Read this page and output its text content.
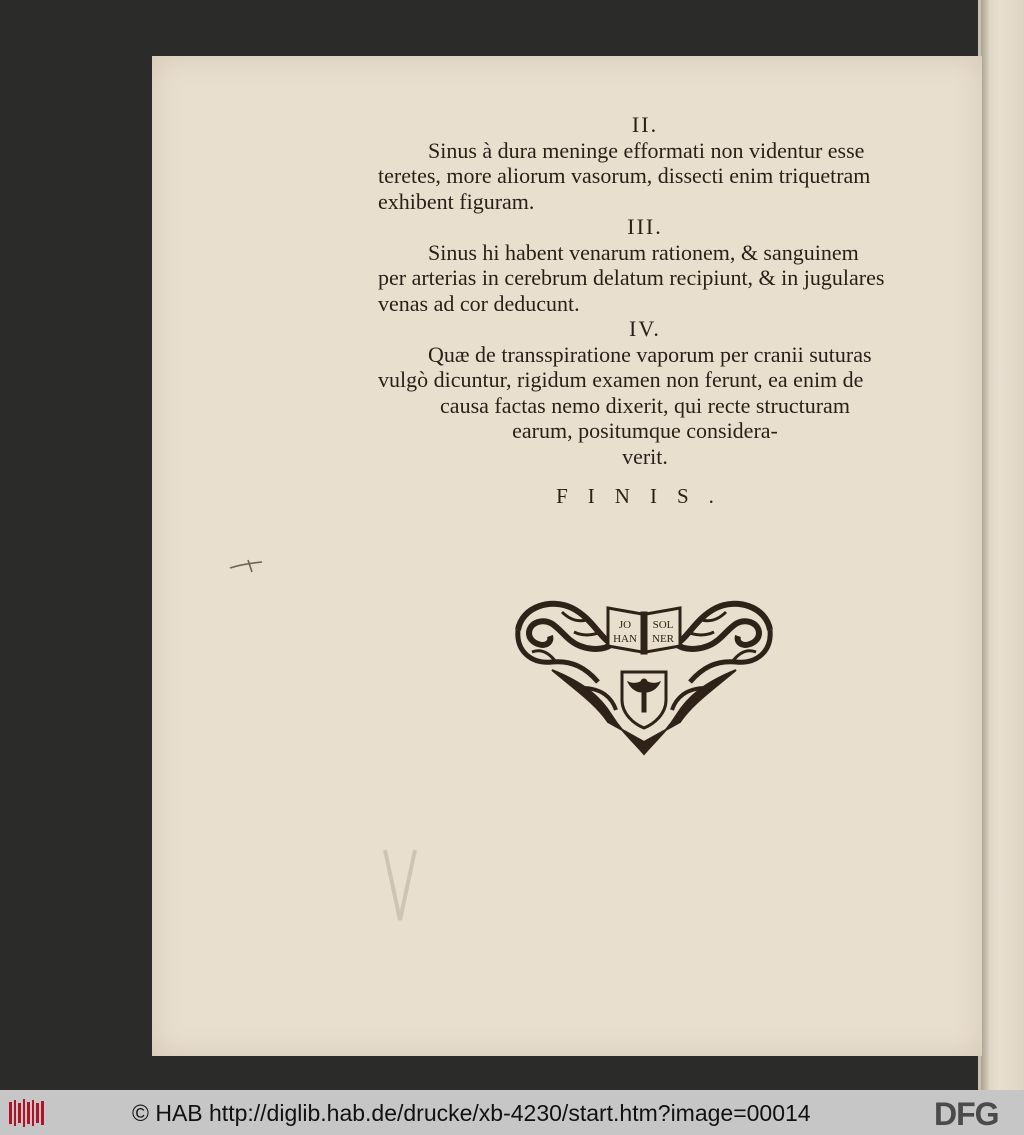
II.
Sinus à dura meninge efformati non videntur esse
teretes, more aliorum vasorum, dissecti enim triquetram
exhibent figuram.
III.
Sinus hi habent venarum rationem, & sanguinem
per arterias in cerebrum delatum recipiunt, & in jugulares
venas ad cor deducunt.
IV.
Quæ de transspiratione vaporum per cranii suturas
vulgò dicuntur, rigidum examen non ferunt, ea enim de
causa factas nemo dixerit, qui recte structuram
earum, positumque considera-
verit.
FINIS.
JO
HAN
SOL
NER
© HAB http://diglib.hab.de/drucke/xb-4230/start.htm?image=00014	DFG
